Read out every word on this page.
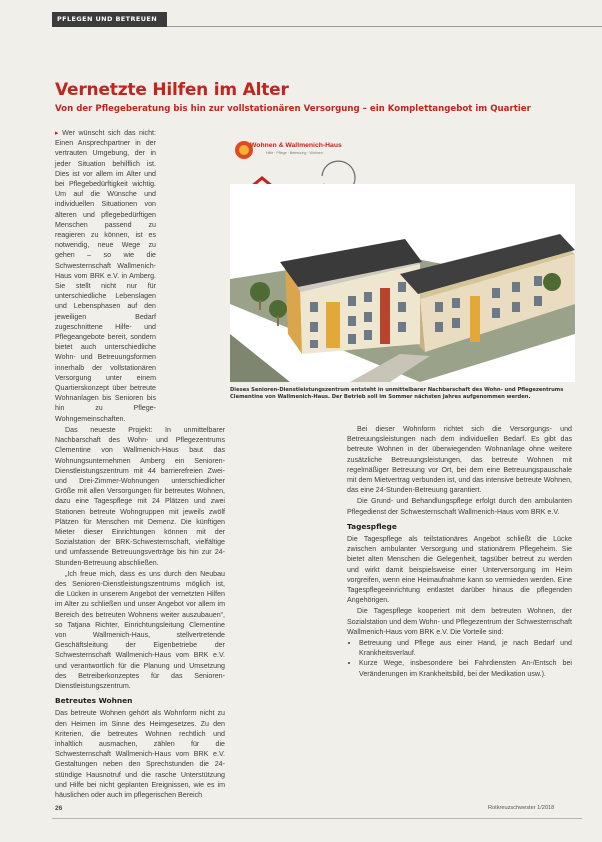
PFLEGEN UND BETREUEN
Vernetzte Hilfen im Alter
Von der Pflegeberatung bis hin zur vollstationären Versorgung – ein Komplettangebot im Quartier

▸ Wer wünscht sich das nicht: Einen Ansprechpartner in der vertrauten Umgebung, der in jeder Situation behilflich ist. Dies ist vor allem im Alter und bei Pflegebedürftigkeit wichtig. Um auf die Wünsche und individuellen Situationen von älteren und pflegebedürftigen Menschen passend zu reagieren zu können, ist es notwendig, neue Wege zu gehen – so wie die Schwesternschaft Wallmenich-Haus vom BRK e.V. in Amberg. Sie stellt nicht nur für unterschiedliche Lebenslagen und Lebensphasen auf den jeweiligen Bedarf zugeschnittene Hilfe- und Pflegeangebote bereit, sondern bietet auch unterschiedliche Wohn- und Betreuungsformen innerhalb der vollstationären Versorgung unter einem Quartierskonzept über betreute Wohnanlagen bis Senioren bis hin zu Pflege-Wohngemeinschaften.

Das neueste Projekt: In unmittelbarer Nachbarschaft des Wohn- und Pflegezentrums Clementine von Wallmenich-Haus baut das Wohnungsunternehmen Amberg ein Senioren-Dienstleistungszentrum mit 44 barrierefreien Zwei- und Drei-Zimmer-Wohnungen unterschiedlicher Größe mit allen Versorgungen für betreutes Wohnen, dazu eine Tagespflege mit 24 Plätzen und zwei Stationen betreute Wohngruppen mit jeweils zwölf Plätzen für Menschen mit Demenz. Die künftigen Mieter dieser Einrichtungen können mit der Sozialstation der BRK-Schwesternschaft, vielfältige und umfassende Betreuungsverträge bis hin zur 24-Stunden-Betreuung abschließen.

„Ich freue mich, dass es uns durch den Neubau des Senioren-Dienstleistungszentrums möglich ist, die Lücken in unserem Angebot der vernetzten Hilfen im Alter zu schließen und unser Angebot vor allem im Bereich des betreuten Wohnens weiter auszubauen“, so Tatjana Richter, Einrichtungsleitung Clementine von Wallmenich-Haus, stellvertretende Geschäftsleitung der Eigenbetriebe der Schwesternschaft Wallmenich-Haus vom BRK e.V. und verantwortlich für die Planung und Umsetzung des Betreiberkonzeptes für das Senioren-Dienstleistungszentrum.

Betreutes Wohnen

Das betreute Wohnen gehört als Wohnform nicht zu den Heimen im Sinne des Heimgesetzes. Zu den Kriterien, die betreutes Wohnen rechtlich und inhaltlich ausmachen, zählen für die Schwesternschaft Wallmenich-Haus vom BRK e.V. Gestaltungen neben den Sprechstunden die 24-stündige Hausnotruf und die rasche Unterstützung und Hilfe bei nicht geplanten Ereignissen, wie es im häuslichen oder auch im pflegerischen Bereich

Wohnen & Wallmenich-Haus
Hilfe · Pflege · Betreuung · Wohnen
Dieses Senioren-Dienstleistungszentrum entsteht in unmittelbarer Nachbarschaft des Wohn- und Pflegezentrums Clementine von Wallmenich-Haus. Der Betrieb soll im Sommer nächsten Jahres aufgenommen werden.

Bei dieser Wohnform richtet sich die Versorgungs- und Betreuungsleistungen nach dem individuellen Bedarf. Es gibt das betreute Wohnen in der überwiegenden Wohnanlage ohne weitere zusätzliche Betreuungsleistungen, das betreute Wohnen mit regelmäßiger Betreuung vor Ort, bei dem eine Betreuungspauschale mit dem Mietvertrag verbunden ist, und das intensive betreute Wohnen, das eine 24-Stunden-Betreuung garantiert.

Die Grund- und Behandlungspflege erfolgt durch den ambulanten Pflegedienst der Schwesternschaft Wallmenich-Haus vom BRK e.V.

Tagespflege

Die Tagespflege als teilstationäres Angebot schließt die Lücke zwischen ambulanter Versorgung und stationärem Pflegeheim. Sie bietet alten Menschen die Gelegenheit, tagsüber betreut zu werden und wirkt damit beispielsweise einer Unterversorgung im Heim vorgreifen, wenn eine Heimaufnahme kann so vermieden werden. Eine Tagespflegeeinrichtung entlastet darüber hinaus die pflegenden Angehörigen.

Die Tagespflege kooperiert mit dem betreuten Wohnen, der Sozialstation und dem Wohn- und Pflegezentrum der Schwesternschaft Wallmenich-Haus vom BRK e.V. Die Vorteile sind:

• Betreuung und Pflege aus einer Hand, je nach Bedarf und Krankheitsverlauf.
• Kurze Wege, insbesondere bei Fahrdiensten An-/Entsch bei Veränderungen im Krankheitsbild, bei der Medikation usw.).
26	Rotkreuzschwester 1/2018
